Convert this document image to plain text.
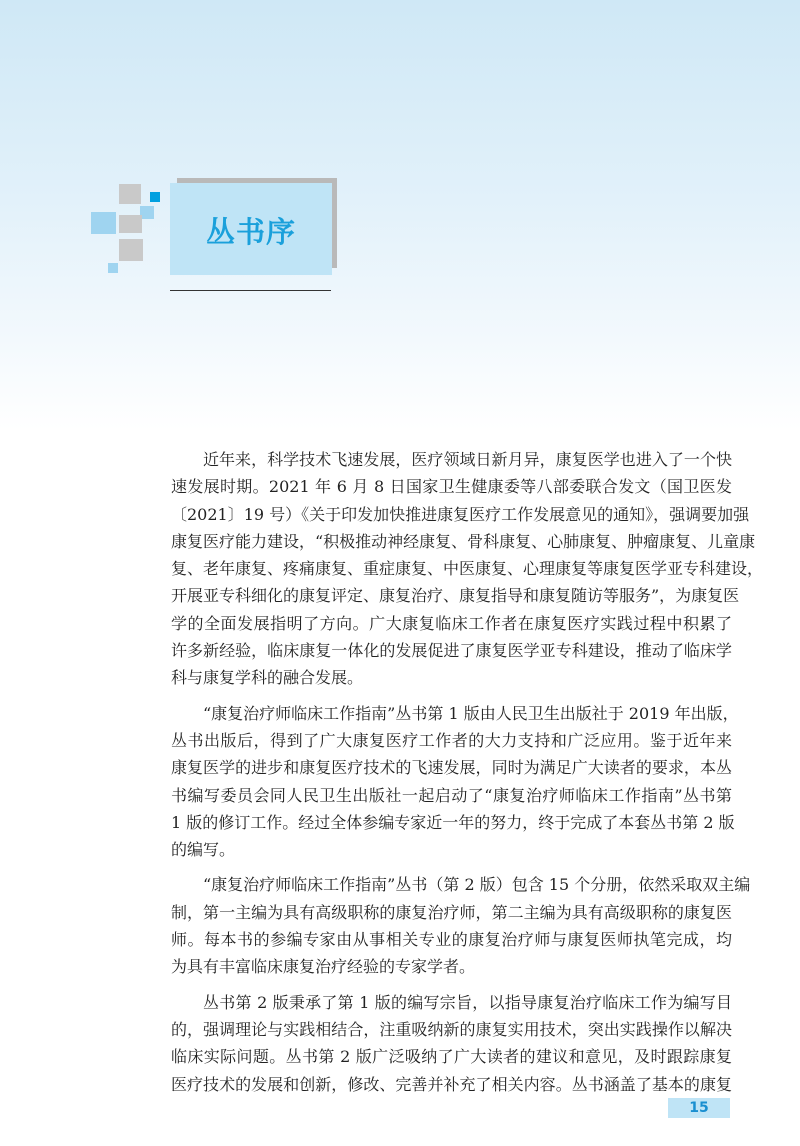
丛书序
近年来，科学技术飞速发展，医疗领域日新月异，康复医学也进入了一个快
速发展时期。2021 年 6 月 8 日国家卫生健康委等八部委联合发文（国卫医发
〔2021〕19 号）《关于印发加快推进康复医疗工作发展意见的通知》，强调要加强
康复医疗能力建设，“积极推动神经康复、骨科康复、心肺康复、肿瘤康复、儿童康
复、老年康复、疼痛康复、重症康复、中医康复、心理康复等康复医学亚专科建设，
开展亚专科细化的康复评定、康复治疗、康复指导和康复随访等服务”，为康复医
学的全面发展指明了方向。广大康复临床工作者在康复医疗实践过程中积累了
许多新经验，临床康复一体化的发展促进了康复医学亚专科建设，推动了临床学
科与康复学科的融合发展。
“康复治疗师临床工作指南”丛书第 1 版由人民卫生出版社于 2019 年出版，
丛书出版后，得到了广大康复医疗工作者的大力支持和广泛应用。鉴于近年来
康复医学的进步和康复医疗技术的飞速发展，同时为满足广大读者的要求，本丛
书编写委员会同人民卫生出版社一起启动了“康复治疗师临床工作指南”丛书第
1 版的修订工作。经过全体参编专家近一年的努力，终于完成了本套丛书第 2 版
的编写。
“康复治疗师临床工作指南”丛书（第 2 版）包含 15 个分册，依然采取双主编
制，第一主编为具有高级职称的康复治疗师，第二主编为具有高级职称的康复医
师。每本书的参编专家由从事相关专业的康复治疗师与康复医师执笔完成，均
为具有丰富临床康复治疗经验的专家学者。
丛书第 2 版秉承了第 1 版的编写宗旨，以指导康复治疗临床工作为编写目
的，强调理论与实践相结合，注重吸纳新的康复实用技术，突出实践操作以解决
临床实际问题。丛书第 2 版广泛吸纳了广大读者的建议和意见，及时跟踪康复
医疗技术的发展和创新，修改、完善并补充了相关内容。丛书涵盖了基本的康复
15
